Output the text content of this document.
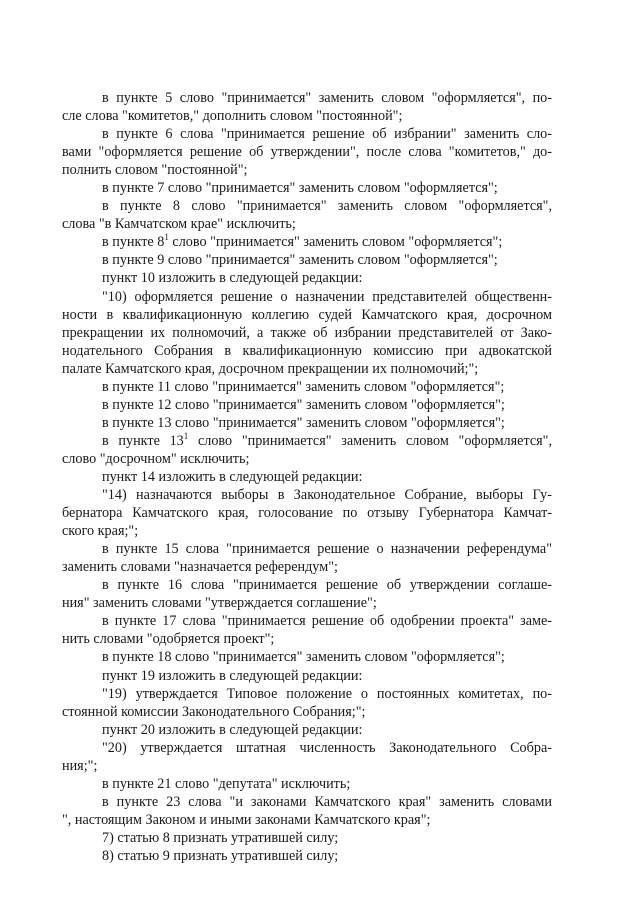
в пункте 5 слово "принимается" заменить словом "оформляется", по-
сле слова "комитетов," дополнить словом "постоянной";
в пункте 6 слова "принимается решение об избрании" заменить сло-
вами "оформляется решение об утверждении", после слова "комитетов," до-
полнить словом "постоянной";
в пункте 7 слово "принимается" заменить словом "оформляется";
в пункте 8 слово "принимается" заменить словом "оформляется",
слова "в Камчатском крае" исключить;
в пункте $8^1$ слово "принимается" заменить словом "оформляется";
в пункте 9 слово "принимается" заменить словом "оформляется";
пункт 10 изложить в следующей редакции:
"10) оформляется решение о назначении представителей общественн-
ности в квалификационную коллегию судей Камчатского края, досрочном
прекращении их полномочий, а также об избрании представителей от Зако-
нодательного Собрания в квалификационную комиссию при адвокатской
палате Камчатского края, досрочном прекращении их полномочий;";
в пункте 11 слово "принимается" заменить словом "оформляется";
в пункте 12 слово "принимается" заменить словом "оформляется";
в пункте 13 слово "принимается" заменить словом "оформляется";
в пункте $13^1$ слово "принимается" заменить словом "оформляется",
слово "досрочном" исключить;
пункт 14 изложить в следующей редакции:
"14) назначаются выборы в Законодательное Собрание, выборы Гу-
бернатора Камчатского края, голосование по отзыву Губернатора Камчат-
ского края;";
в пункте 15 слова "принимается решение о назначении референдума"
заменить словами "назначается референдум";
в пункте 16 слова "принимается решение об утверждении соглаше-
ния" заменить словами "утверждается соглашение";
в пункте 17 слова "принимается решение об одобрении проекта" заме-
нить словами "одобряется проект";
в пункте 18 слово "принимается" заменить словом "оформляется";
пункт 19 изложить в следующей редакции:
"19) утверждается Типовое положение о постоянных комитетах, по-
стоянной комиссии Законодательного Собрания;";
пункт 20 изложить в следующей редакции:
"20) утверждается штатная численность Законодательного Собра-
ния;";
в пункте 21 слово "депутата" исключить;
в пункте 23 слова "и законами Камчатского края" заменить словами
", настоящим Законом и иными законами Камчатского края";
7) статью 8 признать утратившей силу;
8) статью 9 признать утратившей силу;
